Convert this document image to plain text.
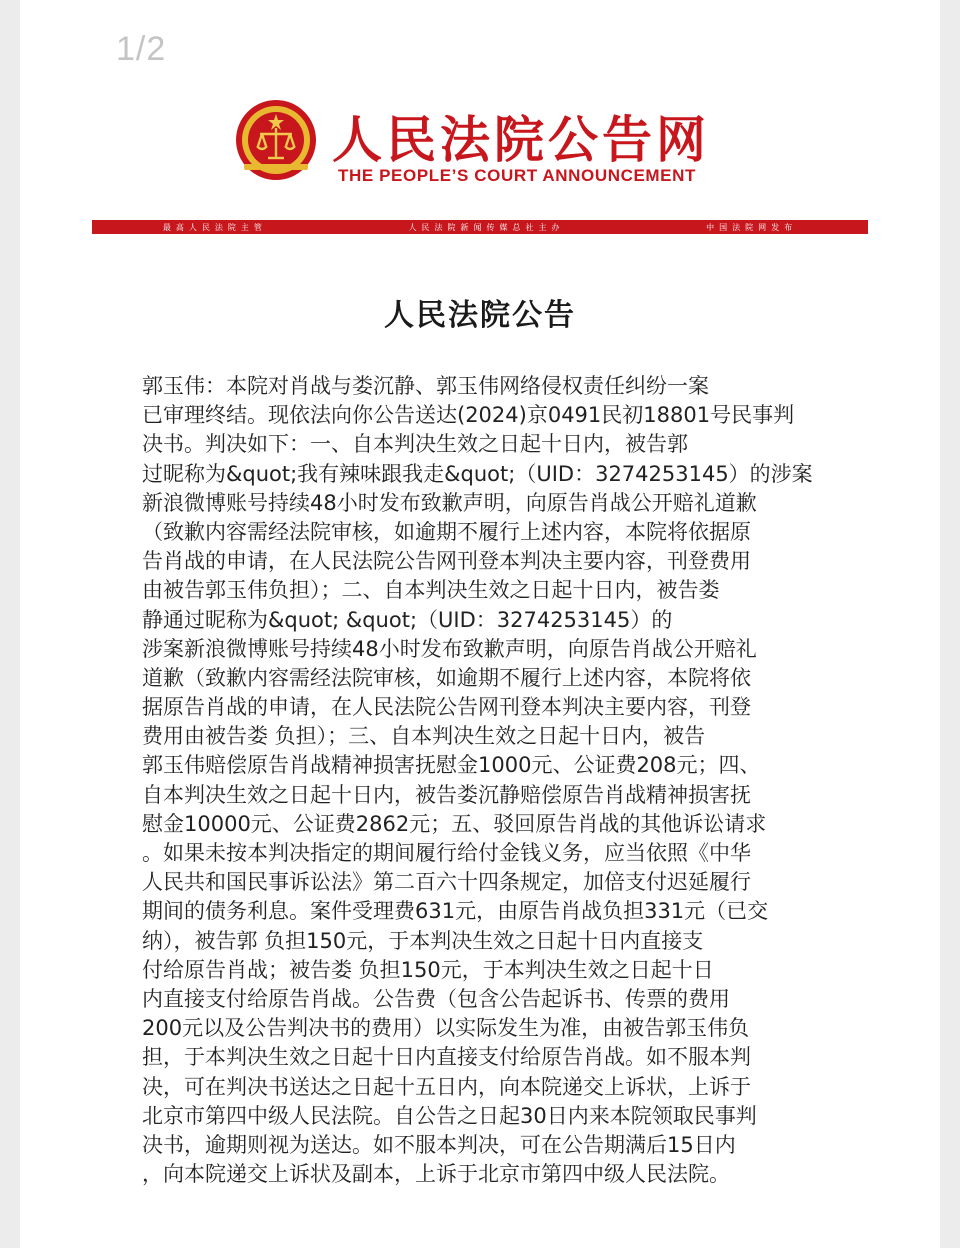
1/2
人民法院公告网
THE PEOPLE’S COURT ANNOUNCEMENT
最高人民法院主管	人民法院新闻传媒总社主办	中国法院网发布
人民法院公告
郭玉伟：本院对肖战与娄沉静、郭玉伟网络侵权责任纠纷一案
已审理终结。现依法向你公告送达(2024)京0491民初18801号民事判
决书。判决如下：一、自本判决生效之日起十日内，被告郭
过昵称为&quot;我有辣味跟我走&quot;（UID：3274253145）的涉案
新浪微博账号持续48小时发布致歉声明，向原告肖战公开赔礼道歉
（致歉内容需经法院审核，如逾期不履行上述内容，本院将依据原
告肖战的申请，在人民法院公告网刊登本判决主要内容，刊登费用
由被告郭玉伟负担）；二、自本判决生效之日起十日内，被告娄
静通过昵称为&quot; &quot;（UID：3274253145）的
涉案新浪微博账号持续48小时发布致歉声明，向原告肖战公开赔礼
道歉（致歉内容需经法院审核，如逾期不履行上述内容，本院将依
据原告肖战的申请，在人民法院公告网刊登本判决主要内容，刊登
费用由被告娄 负担）；三、自本判决生效之日起十日内，被告
郭玉伟赔偿原告肖战精神损害抚慰金1000元、公证费208元；四、
自本判决生效之日起十日内，被告娄沉静赔偿原告肖战精神损害抚
慰金10000元、公证费2862元；五、驳回原告肖战的其他诉讼请求
。如果未按本判决指定的期间履行给付金钱义务，应当依照《中华
人民共和国民事诉讼法》第二百六十四条规定，加倍支付迟延履行
期间的债务利息。案件受理费631元，由原告肖战负担331元（已交
纳），被告郭 负担150元，于本判决生效之日起十日内直接支
付给原告肖战；被告娄 负担150元，于本判决生效之日起十日
内直接支付给原告肖战。公告费（包含公告起诉书、传票的费用
200元以及公告判决书的费用）以实际发生为准，由被告郭玉伟负
担，于本判决生效之日起十日内直接支付给原告肖战。如不服本判
决，可在判决书送达之日起十五日内，向本院递交上诉状，上诉于
北京市第四中级人民法院。自公告之日起30日内来本院领取民事判
决书，逾期则视为送达。如不服本判决，可在公告期满后15日内
，向本院递交上诉状及副本，上诉于北京市第四中级人民法院。
